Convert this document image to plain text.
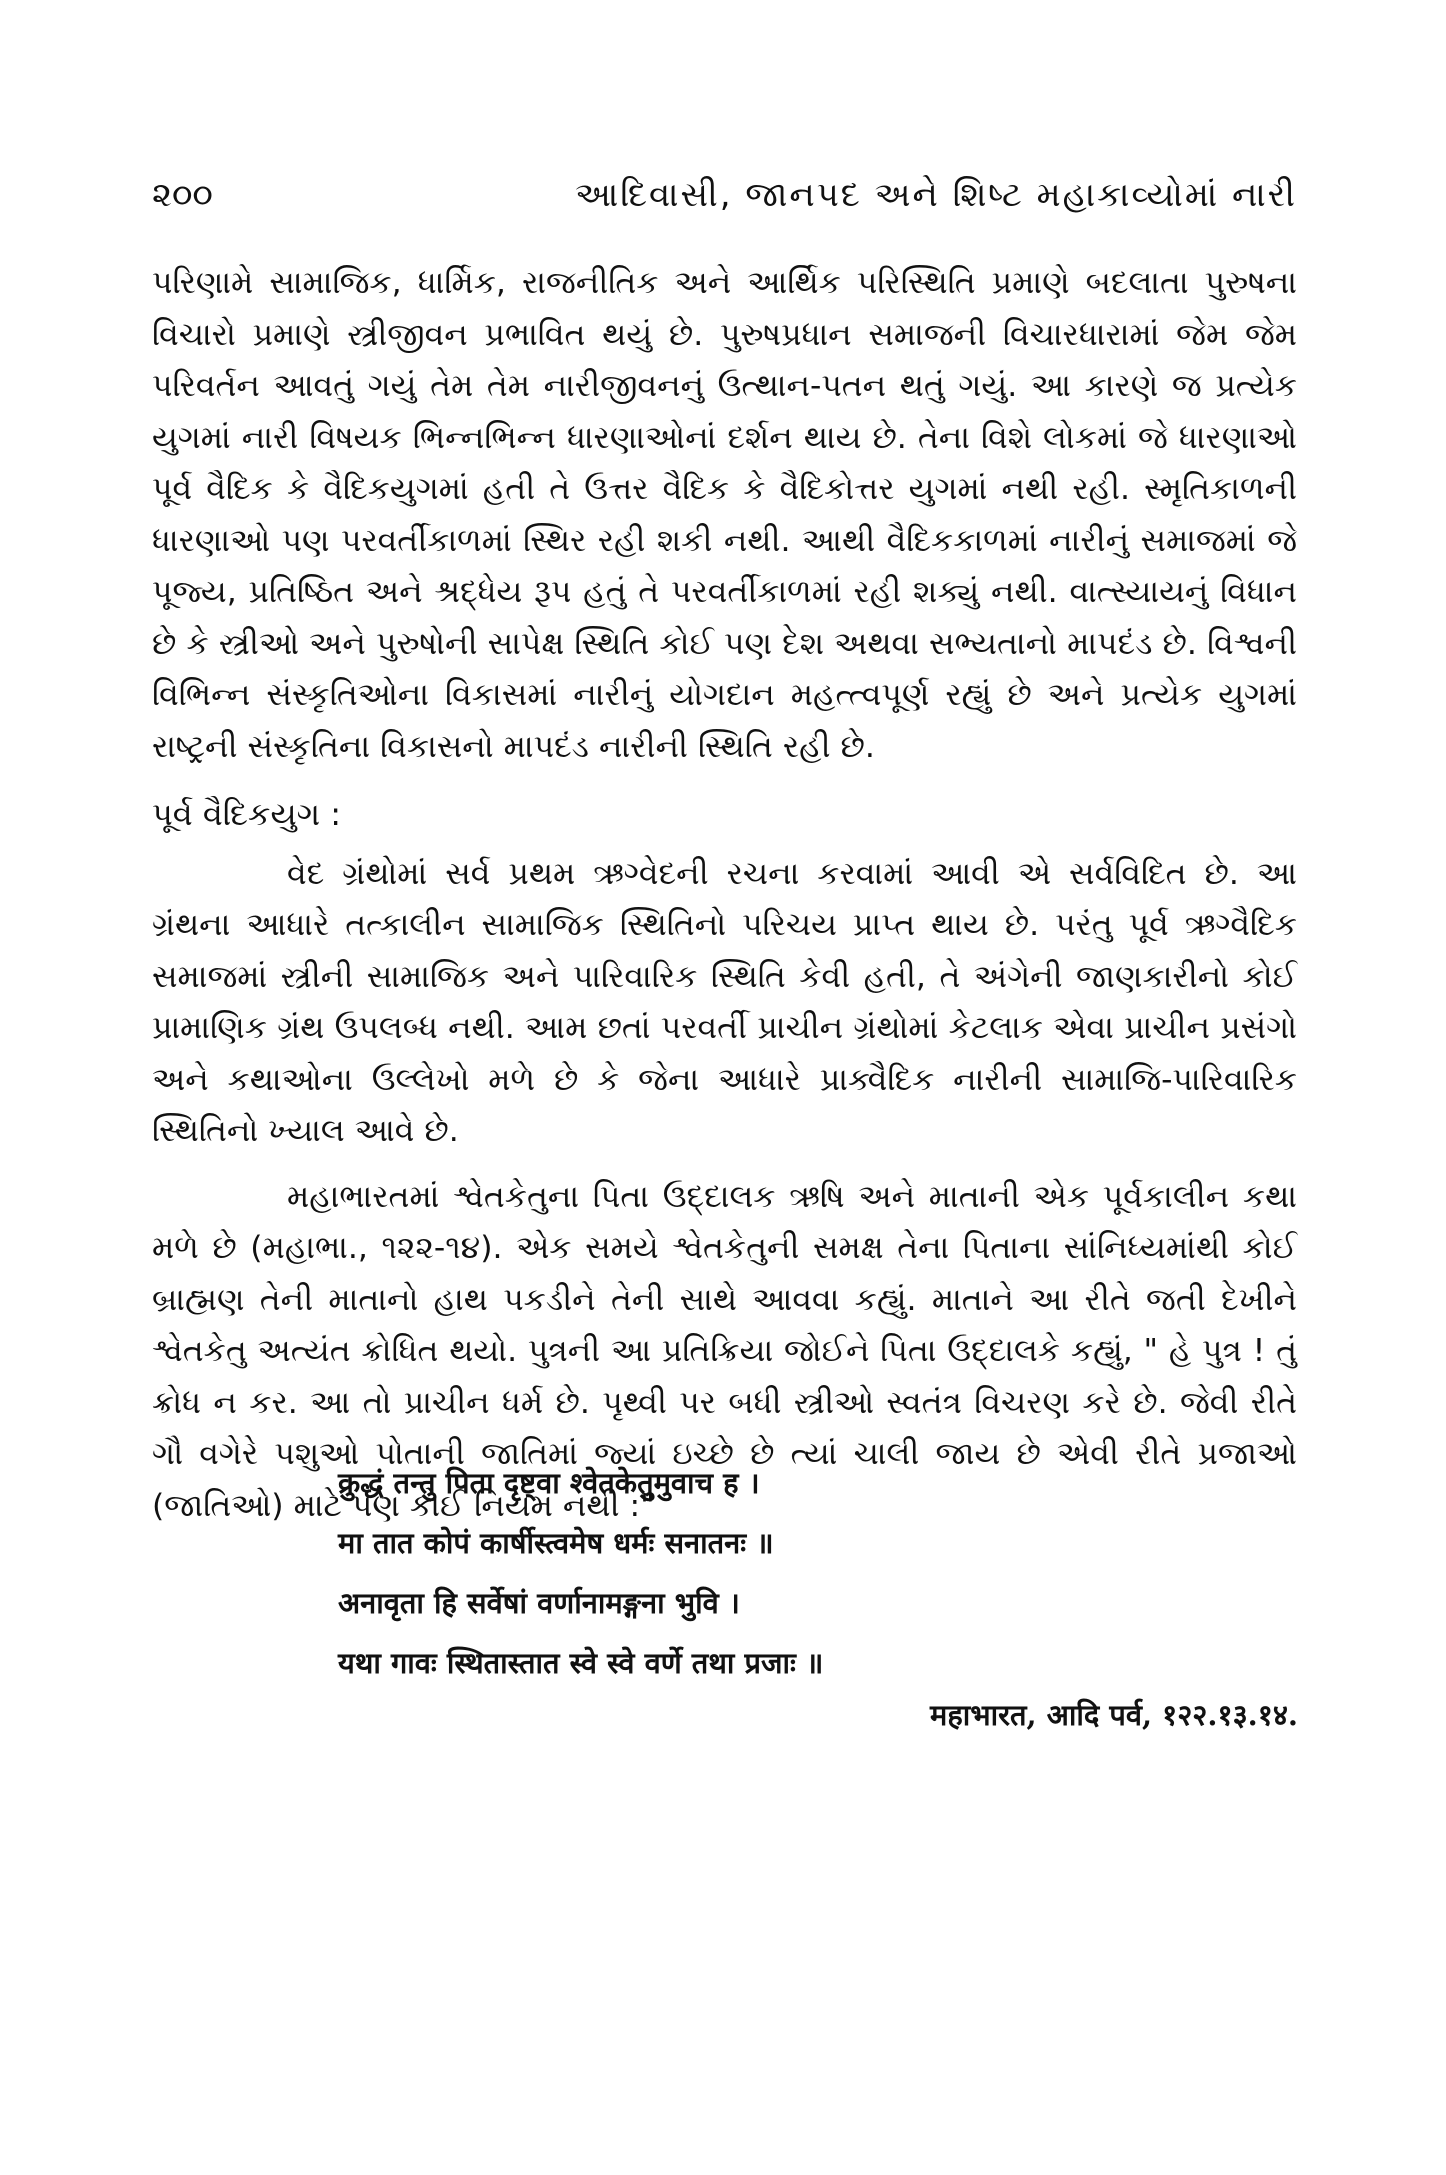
૨૦૦	આદિવાસી, જાનપદ અને શિષ્ટ મહાકાવ્યોમાં નારી

પરિણામે સામાજિક, ધાર્મિક, રાજનીતિક અને આર્થિક પરિસ્થિતિ પ્રમાણે બદલાતા પુરુષના વિચારો પ્રમાણે સ્ત્રીજીવન પ્રભાવિત થયું છે. પુરુષપ્રધાન સમાજની વિચારધારામાં જેમ જેમ પરિવર્તન આવતું ગયું તેમ તેમ નારીજીવનનું ઉત્થાન-પતન થતું ગયું. આ કારણે જ પ્રત્યેક યુગમાં નારી વિષયક ભિન્નભિન્ન ધારણાઓનાં દર્શન થાય છે. તેના વિશે લોકમાં જે ધારણાઓ પૂર્વ વૈદિક કે વૈદિકયુગમાં હતી તે ઉત્તર વૈદિક કે વૈદિકોત્તર યુગમાં નથી રહી. સ્મૃતિકાળની ધારણાઓ પણ પરવર્તીકાળમાં સ્થિર રહી શકી નથી. આથી વૈદિકકાળમાં નારીનું સમાજમાં જે પૂજ્ય, પ્રતિષ્ઠિત અને શ્રદ્ધેય રૂપ હતું તે પરવર્તીકાળમાં રહી શક્યું નથી. વાત્સ્યાયનું વિધાન છે કે સ્ત્રીઓ અને પુરુષોની સાપેક્ષ સ્થિતિ કોઈ પણ દેશ અથવા સભ્યતાનો માપદંડ છે. વિશ્વની વિભિન્ન સંસ્કૃતિઓના વિકાસમાં નારીનું યોગદાન મહત્ત્વપૂર્ણ રહ્યું છે અને પ્રત્યેક યુગમાં રાષ્ટ્રની સંસ્કૃતિના વિકાસનો માપદંડ નારીની સ્થિતિ રહી છે.

પૂર્વ વૈદિકયુગ :

વેદ ગ્રંથોમાં સર્વ પ્રથમ ઋગ્વેદની રચના કરવામાં આવી એ સર્વવિદિત છે. આ ગ્રંથના આધારે તત્કાલીન સામાજિક સ્થિતિનો પરિચય પ્રાપ્ત થાય છે. પરંતુ પૂર્વ ઋગ્વૈદિક સમાજમાં સ્ત્રીની સામાજિક અને પારિવારિક સ્થિતિ કેવી હતી, તે અંગેની જાણકારીનો કોઈ પ્રામાણિક ગ્રંથ ઉપલબ્ધ નથી. આમ છતાં પરવર્તી પ્રાચીન ગ્રંથોમાં કેટલાક એવા પ્રાચીન પ્રસંગો અને કથાઓના ઉલ્લેખો મળે છે કે જેના આધારે પ્રાક્વૈદિક નારીની સામાજિ-પારિવારિક સ્થિતિનો ખ્યાલ આવે છે.

મહાભારતમાં શ્વેતકેતુના પિતા ઉદ્દાલક ઋષિ અને માતાની એક પૂર્વકાલીન કથા મળે છે (મહાભા., ૧૨૨-૧૪). એક સમયે શ્વેતકેતુની સમક્ષ તેના પિતાના સાંનિધ્યમાંથી કોઈ બ્રાહ્મણ તેની માતાનો હાથ પકડીને તેની સાથે આવવા કહ્યું. માતાને આ રીતે જતી દેખીને શ્વેતકેતુ અત્યંત ક્રોધિત થયો. પુત્રની આ પ્રતિક્રિયા જોઈને પિતા ઉદ્દાલકે કહ્યું, " હે પુત્ર ! તું ક્રોધ ન કર. આ તો પ્રાચીન ધર્મ છે. પૃથ્વી પર બધી સ્ત્રીઓ સ્વતંત્ર વિચરણ કરે છે. જેવી રીતે ગૌ વગેરે પશુઓ પોતાની જાતિમાં જ્યાં ઇચ્છે છે ત્યાં ચાલી જાય છે એવી રીતે પ્રજાઓ (જાતિઓ) માટે પણ કોઈ નિયમ નથી :"

क्रुद्धं तन्तु पिता दृष्ट्वा श्वेतकेतुमुवाच ह ।

मा तात कोपं कार्षीस्त्वमेष धर्मः सनातनः ॥

अनावृता हि सर्वेषां वर्णानामङ्गना भुवि ।

यथा गावः स्थितास्तात स्वे स्वे वर्णे तथा प्रजाः ॥

महाभारत, आदि पर्व, १२२.१३.१४.
